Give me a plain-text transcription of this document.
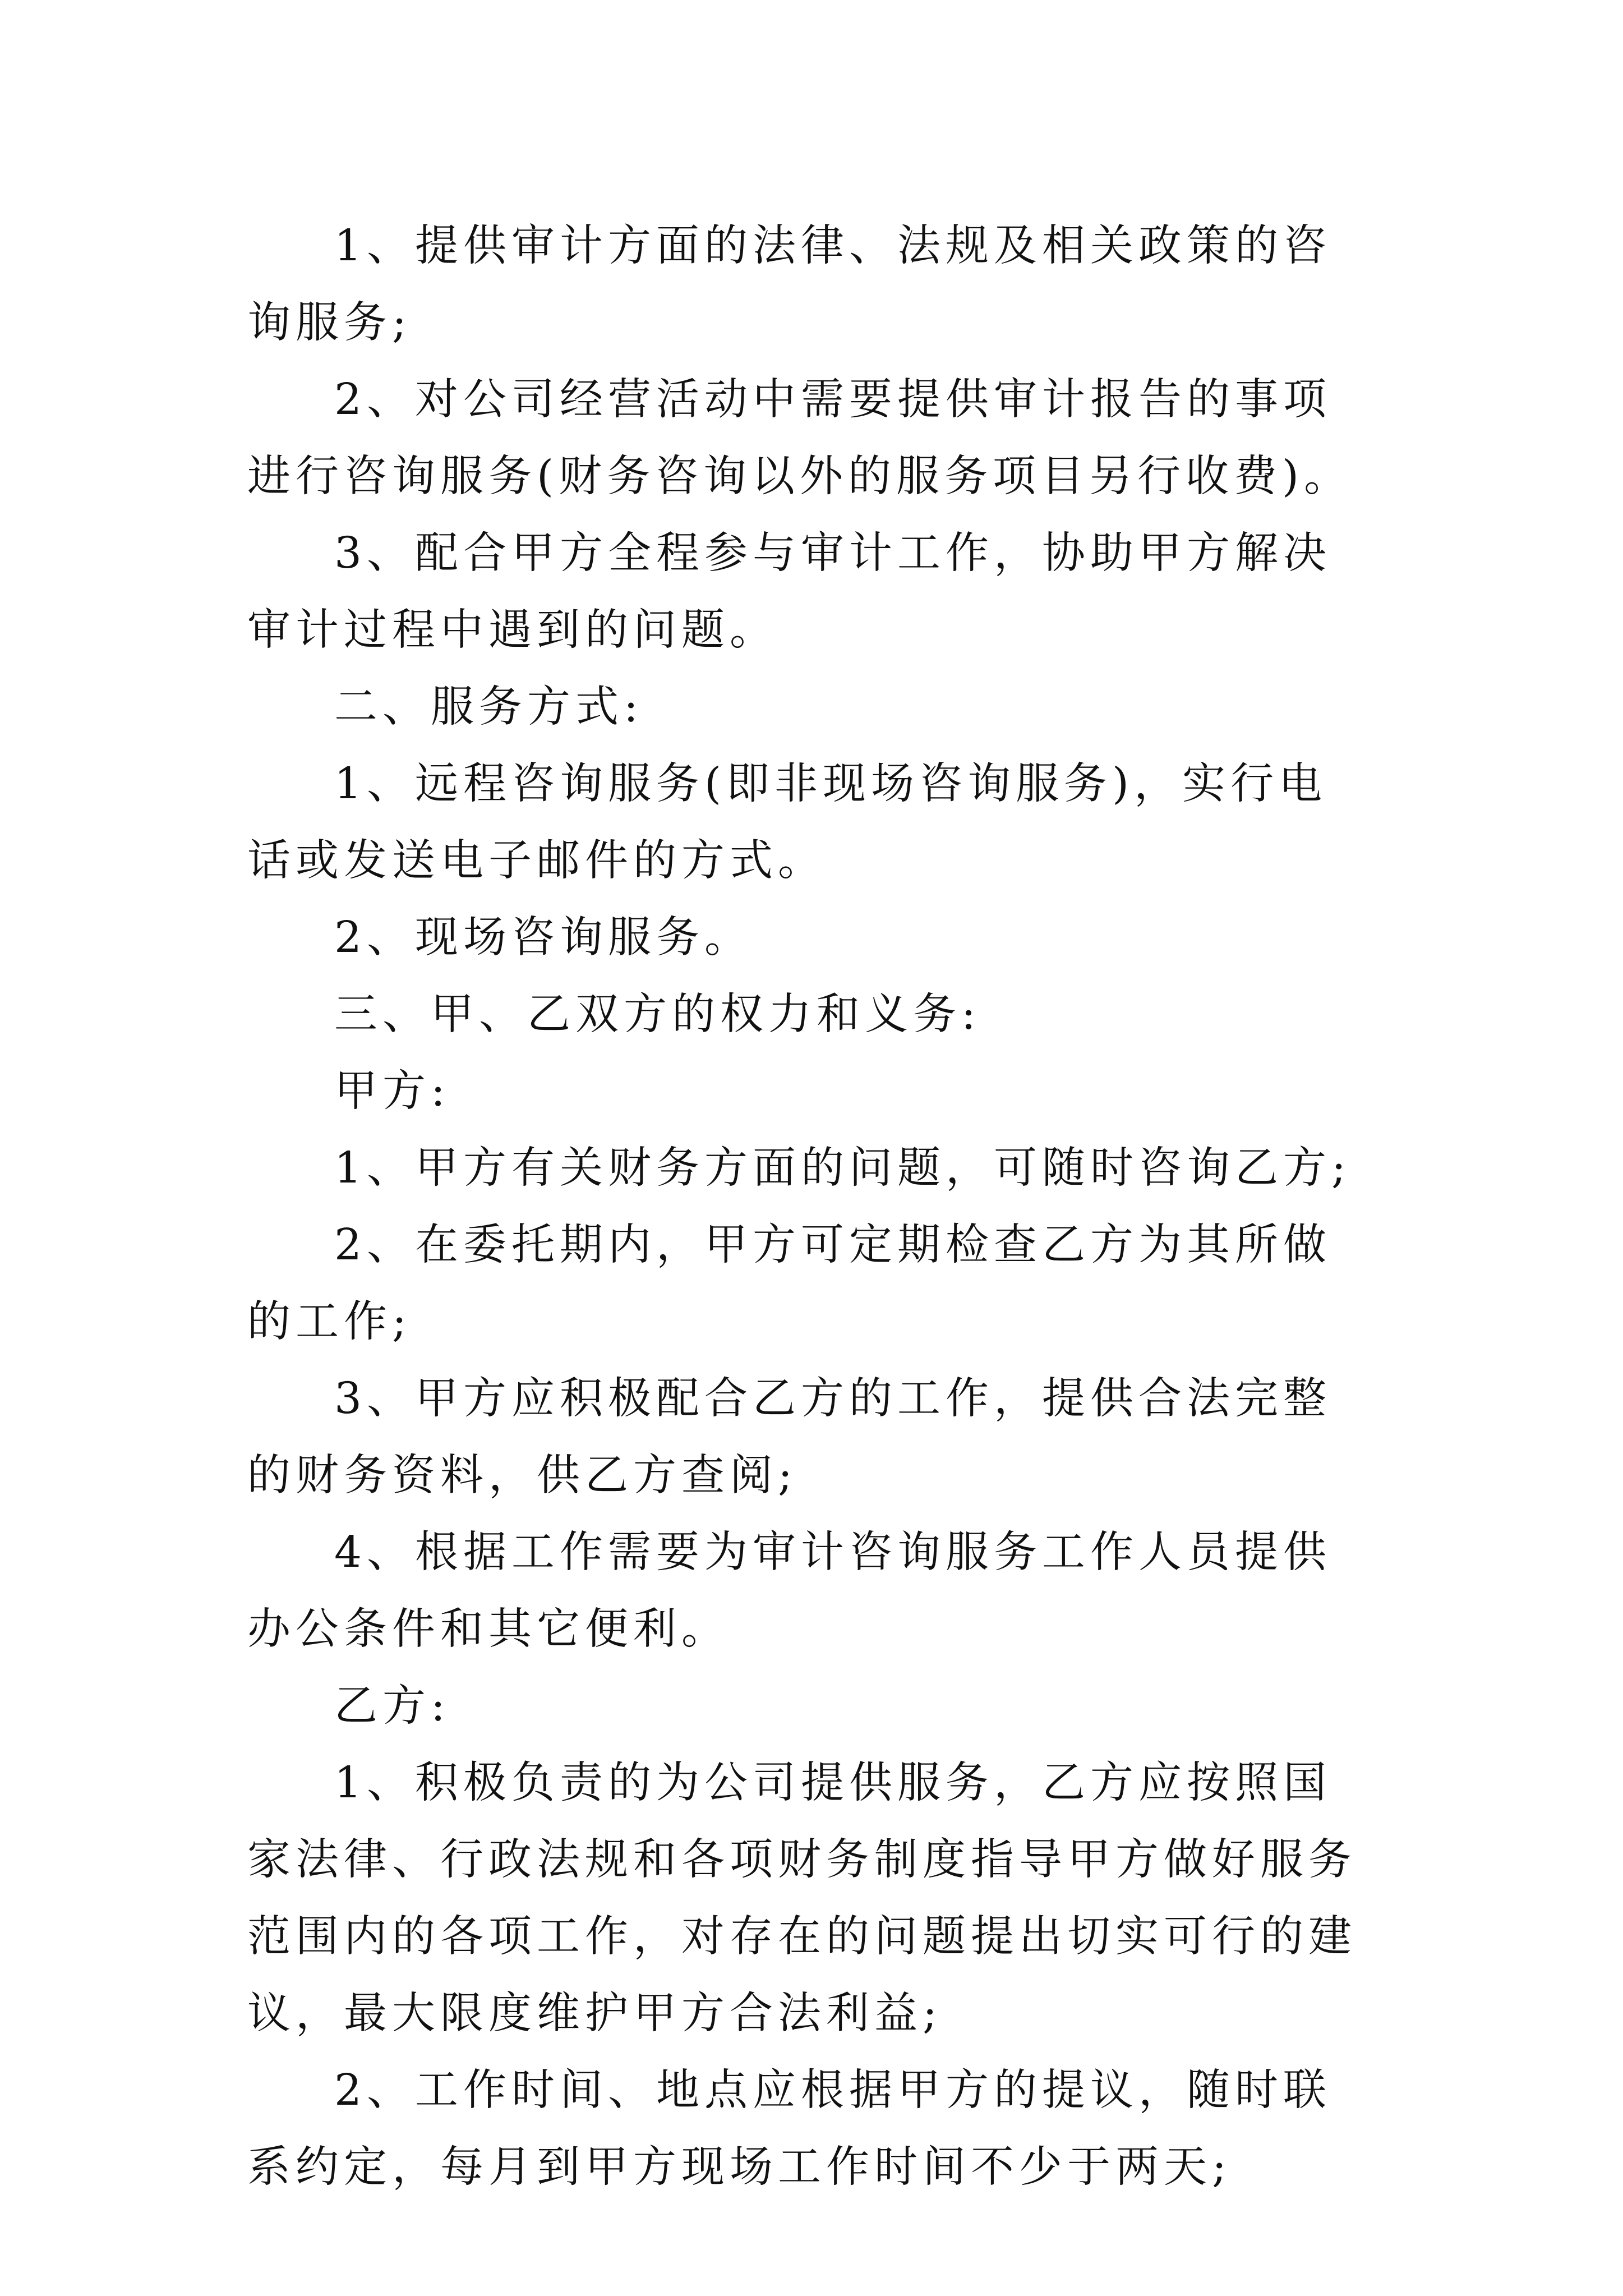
1、提供审计方面的法律、法规及相关政策的咨询服务;

2、对公司经营活动中需要提供审计报告的事项进行咨询服务(财务咨询以外的服务项目另行收费)。

3、配合甲方全程参与审计工作，协助甲方解决审计过程中遇到的问题。

二、服务方式:

1、远程咨询服务(即非现场咨询服务)，实行电话或发送电子邮件的方式。

2、现场咨询服务。

三、甲、乙双方的权力和义务:

甲方:

1、甲方有关财务方面的问题，可随时咨询乙方;

2、在委托期内，甲方可定期检查乙方为其所做的工作;

3、甲方应积极配合乙方的工作，提供合法完整的财务资料，供乙方查阅;

4、根据工作需要为审计咨询服务工作人员提供办公条件和其它便利。

乙方:

1、积极负责的为公司提供服务，乙方应按照国家法律、行政法规和各项财务制度指导甲方做好服务范围内的各项工作，对存在的问题提出切实可行的建议，最大限度维护甲方合法利益;

2、工作时间、地点应根据甲方的提议，随时联系约定，每月到甲方现场工作时间不少于两天;
